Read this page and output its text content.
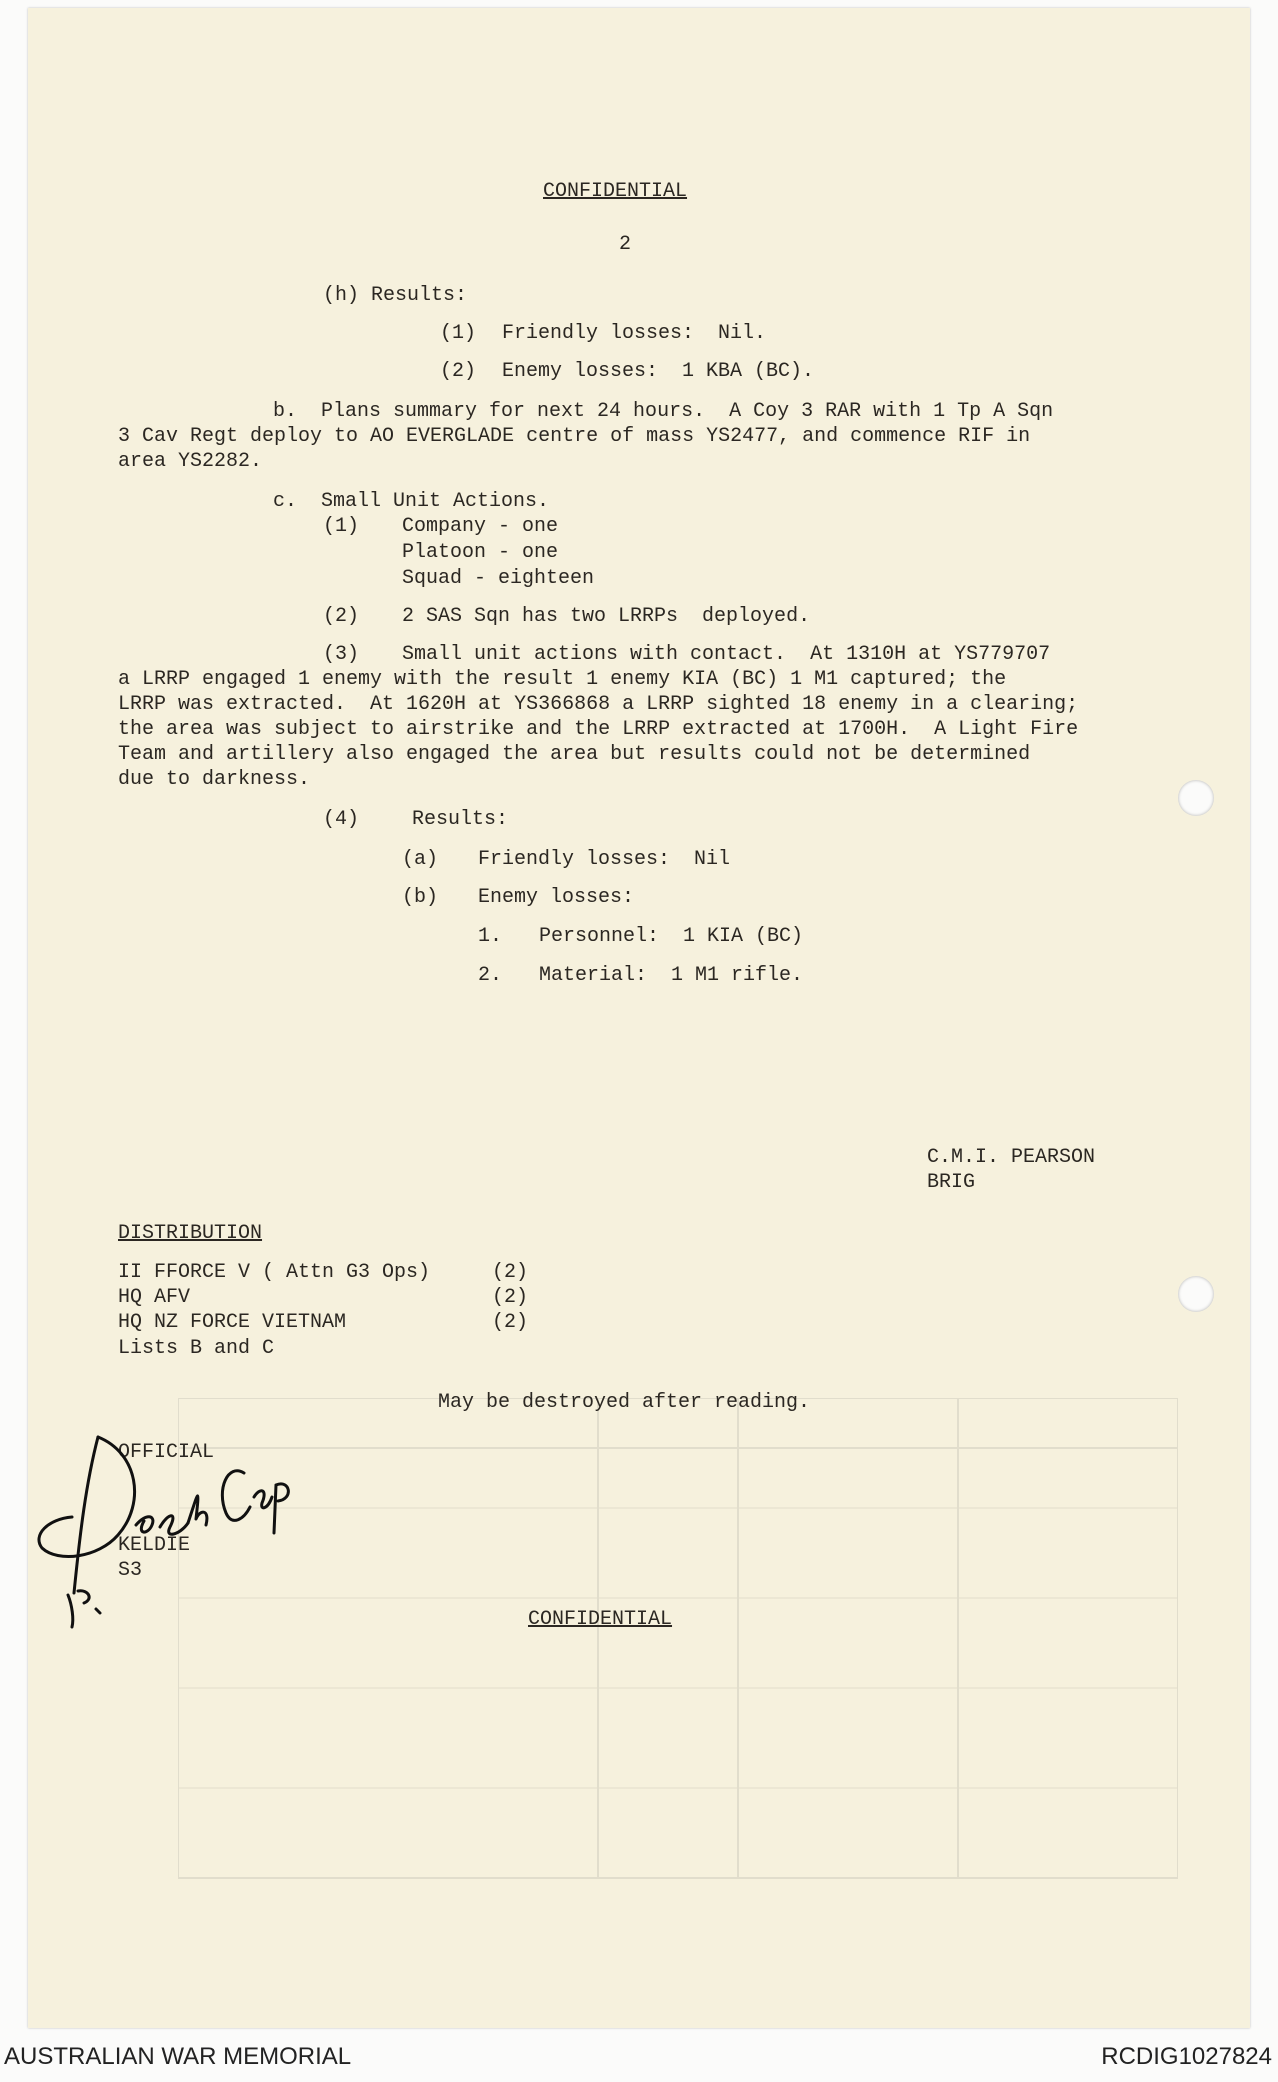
CONFIDENTIAL
2
(h) Results:
(1) Friendly losses:  Nil.
(2) Enemy losses:  1 KBA (BC).
b.  Plans summary for next 24 hours.  A Coy 3 RAR with 1 Tp A Sqn
3 Cav Regt deploy to AO EVERGLADE centre of mass YS2477, and commence RIF in
area YS2282.
c.  Small Unit Actions.
(1) Company - one
Platoon - one
Squad - eighteen
(2) 2 SAS Sqn has two LRRPs  deployed.
(3) Small unit actions with contact.  At 1310H at YS779707
a LRRP engaged 1 enemy with the result 1 enemy KIA (BC) 1 M1 captured; the
LRRP was extracted.  At 1620H at YS366868 a LRRP sighted 18 enemy in a clearing;
the area was subject to airstrike and the LRRP extracted at 1700H.  A Light Fire
Team and artillery also engaged the area but results could not be determined
due to darkness.
(4)	Results:
(a) Friendly losses:  Nil
(b) Enemy losses:
1. Personnel:  1 KIA (BC)
2. Material:  1 M1 rifle.
C.M.I. PEARSON
BRIG
DISTRIBUTION
II FFORCE V ( Attn G3 Ops)	(2)
HQ AFV	(2)
HQ NZ FORCE VIETNAM	(2)
Lists B and C
May be destroyed after reading.
OFFICIAL
KELDIE
S3
CONFIDENTIAL
AUSTRALIAN WAR MEMORIAL	RCDIG1027824
